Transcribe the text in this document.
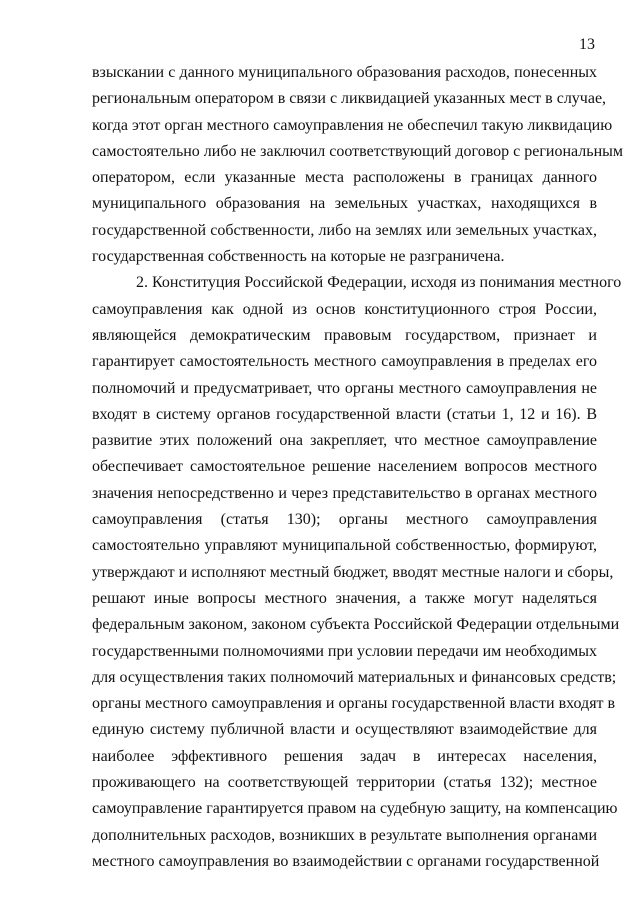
13
взыскании с данного муниципального образования расходов, понесенных
региональным оператором в связи с ликвидацией указанных мест в случае,
когда этот орган местного самоуправления не обеспечил такую ликвидацию
самостоятельно либо не заключил соответствующий договор с региональным
оператором, если указанные места расположены в границах данного
муниципального образования на земельных участках, находящихся в
государственной собственности, либо на землях или земельных участках,
государственная собственность на которые не разграничена.
2. Конституция Российской Федерации, исходя из понимания местного
самоуправления как одной из основ конституционного строя России,
являющейся демократическим правовым государством, признает и
гарантирует самостоятельность местного самоуправления в пределах его
полномочий и предусматривает, что органы местного самоуправления не
входят в систему органов государственной власти (статьи 1, 12 и 16). В
развитие этих положений она закрепляет, что местное самоуправление
обеспечивает самостоятельное решение населением вопросов местного
значения непосредственно и через представительство в органах местного
самоуправления (статья 130); органы местного самоуправления
самостоятельно управляют муниципальной собственностью, формируют,
утверждают и исполняют местный бюджет, вводят местные налоги и сборы,
решают иные вопросы местного значения, а также могут наделяться
федеральным законом, законом субъекта Российской Федерации отдельными
государственными полномочиями при условии передачи им необходимых
для осуществления таких полномочий материальных и финансовых средств;
органы местного самоуправления и органы государственной власти входят в
единую систему публичной власти и осуществляют взаимодействие для
наиболее эффективного решения задач в интересах населения,
проживающего на соответствующей территории (статья 132); местное
самоуправление гарантируется правом на судебную защиту, на компенсацию
дополнительных расходов, возникших в результате выполнения органами
местного самоуправления во взаимодействии с органами государственной
